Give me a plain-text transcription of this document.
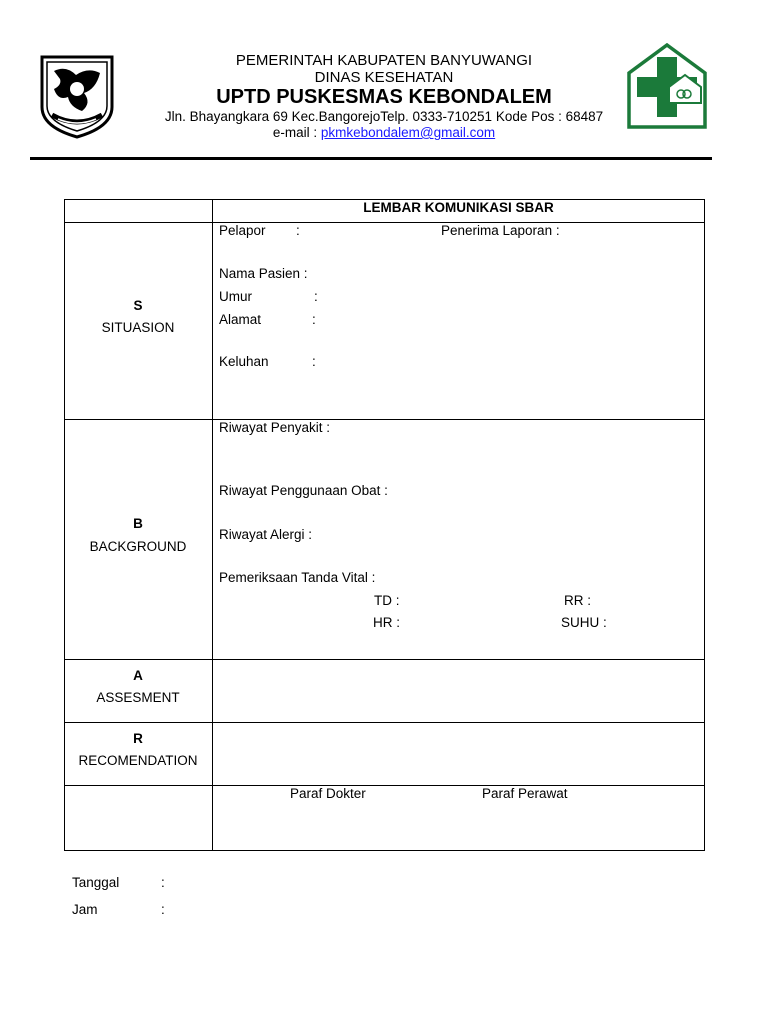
PEMERINTAH KABUPATEN BANYUWANGI
DINAS KESEHATAN
UPTD PUSKESMAS KEBONDALEM
Jln. Bhayangkara 69 Kec.BangorejoTelp. 0333-710251 Kode Pos : 68487
e-mail : pkmkebondalem@gmail.com
LEMBAR KOMUNIKASI SBAR
S
SITUASION
Pelapor :	Penerima Laporan :
Nama Pasien :
Umur	:
Alamat	:
Keluhan	:
B
BACKGROUND
Riwayat Penyakit :
Riwayat Penggunaan Obat :
Riwayat Alergi :
Pemeriksaan Tanda Vital :
TD :	RR :
HR :	SUHU :
A
ASSESMENT
R
RECOMENDATION
Paraf Dokter	Paraf Perawat
Tanggal	:
Jam	:
